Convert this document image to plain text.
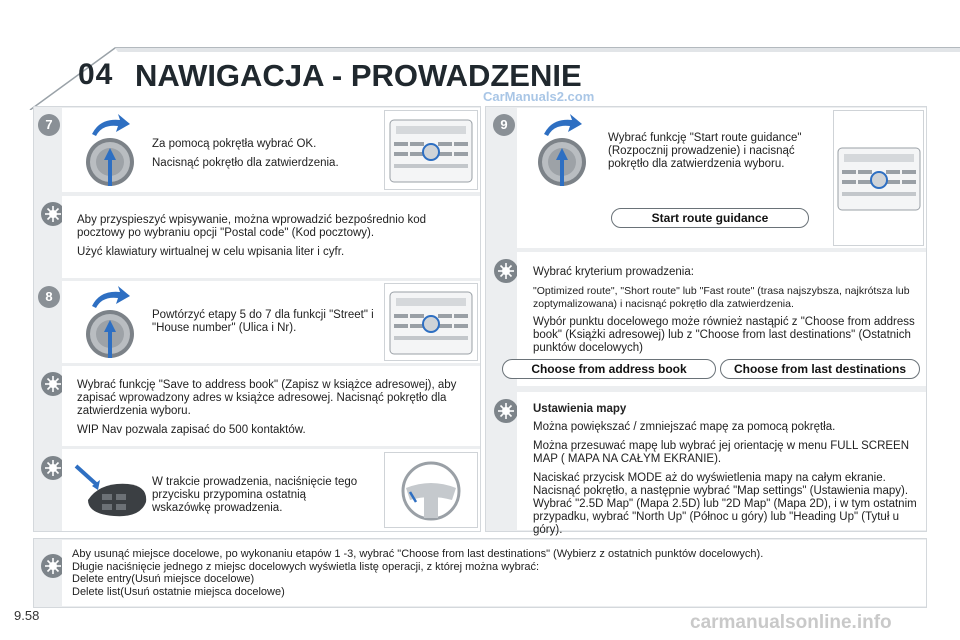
04 NAWIGACJA - PROWADZENIE
CarManuals2.com
7

Za pomocą pokrętła wybrać OK.

Nacisnąć pokrętło dla zatwierdzenia.

Aby przyspieszyć wpisywanie, można wprowadzić bezpośrednio kod pocztowy po wybraniu opcji "Postal code" (Kod pocztowy).

Użyć klawiatury wirtualnej w celu wpisania liter i cyfr.

8
Powtórzyć etapy 5 do 7 dla funkcji "Street" i "House number" (Ulica i Nr).

Wybrać funkcję "Save to address book" (Zapisz w książce adresowej), aby zapisać wprowadzony adres w książce adresowej. Nacisnąć pokrętło dla zatwierdzenia wyboru.

WIP Nav pozwala zapisać do 500 kontaktów.

W trakcie prowadzenia, naciśnięcie tego przycisku przypomina ostatnią wskazówkę prowadzenia.
9
Wybrać funkcję "Start route guidance" (Rozpocznij prowadzenie) i nacisnąć pokrętło dla zatwierdzenia wyboru.
Start route guidance

Wybrać kryterium prowadzenia:

"Optimized route", "Short route" lub "Fast route" (trasa najszybsza, najkrótsza lub zoptymalizowana) i nacisnąć pokrętło dla zatwierdzenia.

Wybór punktu docelowego może również nastąpić z "Choose from address book" (Książki adresowej) lub z "Choose from last destinations" (Ostatnich punktów docelowych)

Choose from address book	Choose from last destinations

Ustawienia mapy

Można powiększać / zmniejszać mapę za pomocą pokrętła.

Można przesuwać mapę lub wybrać jej orientację w menu FULL SCREEN MAP ( MAPA NA CAŁYM EKRANIE).

Naciskać przycisk MODE aż do wyświetlenia mapy na całym ekranie. Nacisnąć pokrętło, a następnie wybrać "Map settings" (Ustawienia mapy). Wybrać "2.5D Map" (Mapa 2.5D) lub "2D Map" (Mapa 2D), i w tym ostatnim przypadku, wybrać "North Up" (Północ u góry) lub "Heading Up" (Tytuł u góry).

Aby usunąć miejsce docelowe, po wykonaniu etapów 1 -3, wybrać "Choose from last destinations" (Wybierz z ostatnich punktów docelowych).
Długie naciśnięcie jednego z miejsc docelowych wyświetla listę operacji, z której można wybrać:
Delete entry(Usuń miejsce docelowe)
Delete list(Usuń ostatnie miejsca docelowe)
9.58	carmanualsonline.info
